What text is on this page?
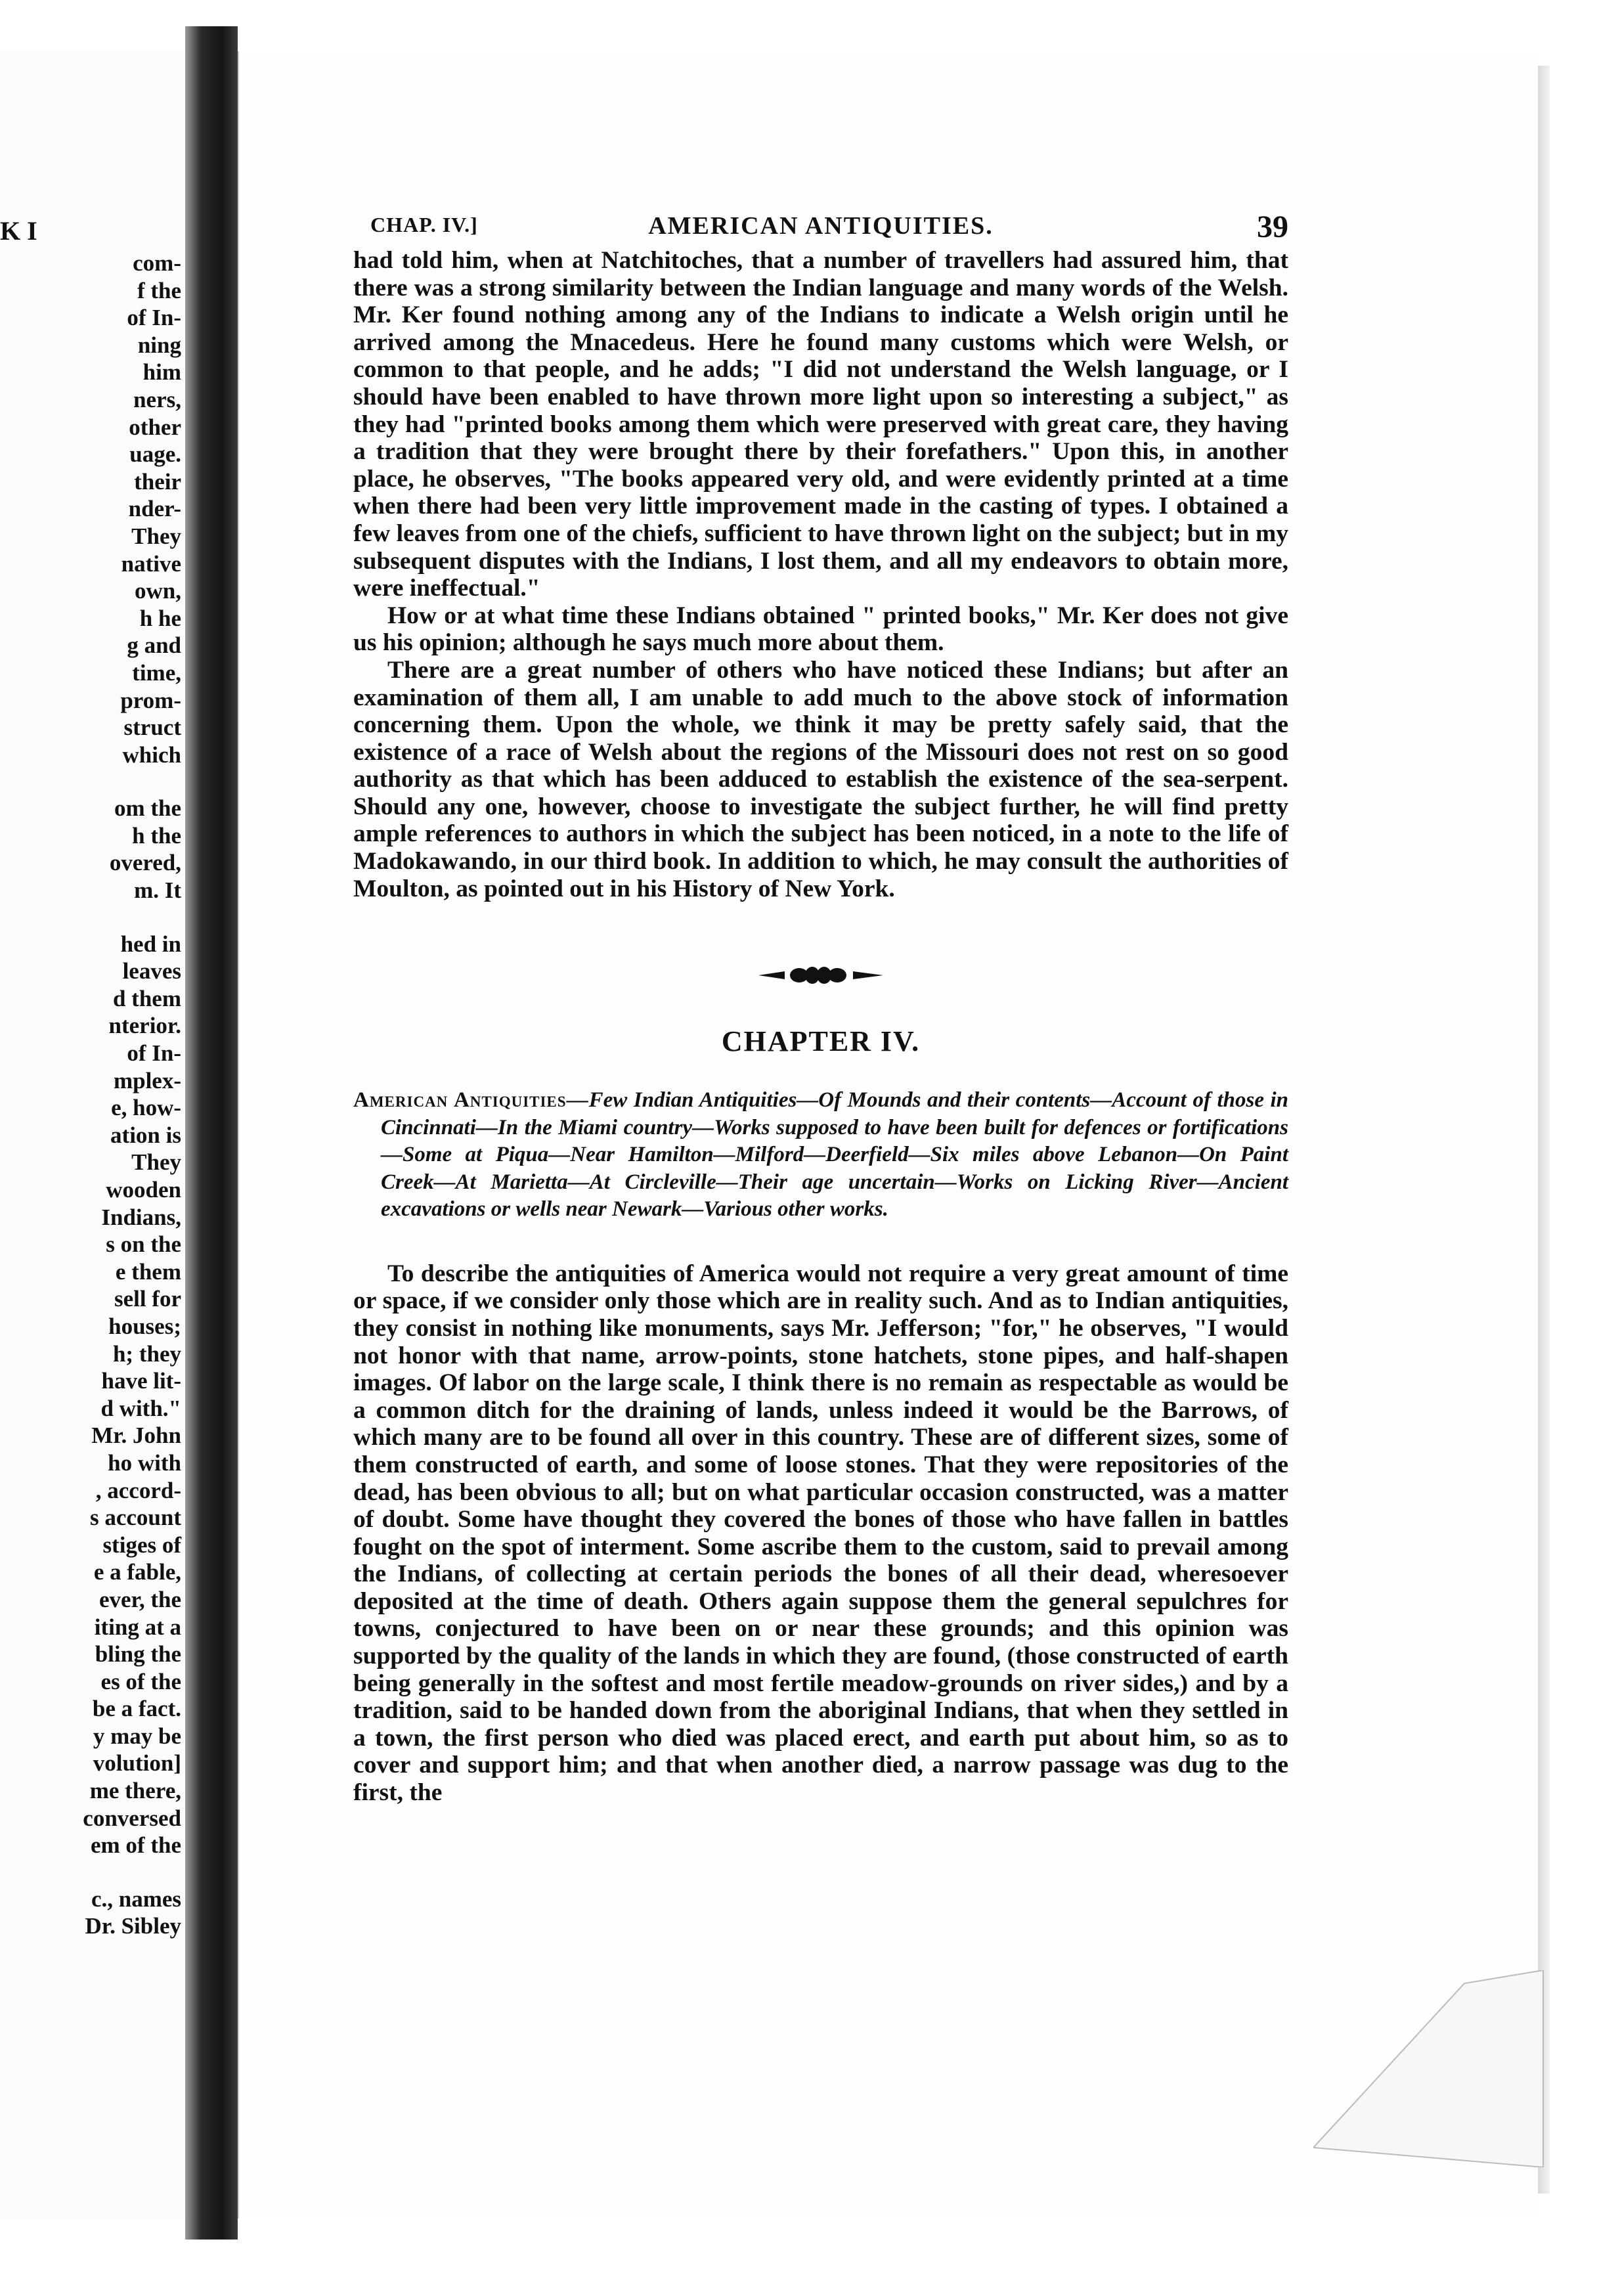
K I
com-
f the
of In-
ning
him
ners,
other
uage.
their
nder-
They
native
own,
h he
g and
time,
prom-
struct
which
om the
h the
overed,
m. It
hed in
leaves
d them
nterior.
of In-
mplex-
e, how-
ation is
They
wooden
Indians,
s on the
e them
sell for
houses;
h; they
have lit-
d with."
Mr. John
ho with
, accord-
s account
stiges of
e a fable,
ever, the
iting at a
bling the
es of the
be a fact.
y may be
volution]
me there,
conversed
em of the
c., names
Dr. Sibley
CHAP. IV.]	AMERICAN ANTIQUITIES.	39

had told him, when at Natchitoches, that a number of travellers had assured him, that there was a strong similarity between the Indian language and many words of the Welsh. Mr. Ker found nothing among any of the Indians to indicate a Welsh origin until he arrived among the Mnacedeus. Here he found many customs which were Welsh, or common to that people, and he adds; "I did not understand the Welsh language, or I should have been enabled to have thrown more light upon so interesting a subject," as they had "printed books among them which were preserved with great care, they having a tradition that they were brought there by their forefathers." Upon this, in another place, he observes, "The books appeared very old, and were evidently printed at a time when there had been very little improvement made in the casting of types. I obtained a few leaves from one of the chiefs, sufficient to have thrown light on the subject; but in my subsequent disputes with the Indians, I lost them, and all my endeavors to obtain more, were ineffectual."

How or at what time these Indians obtained " printed books," Mr. Ker does not give us his opinion; although he says much more about them.

There are a great number of others who have noticed these Indians; but after an examination of them all, I am unable to add much to the above stock of information concerning them. Upon the whole, we think it may be pretty safely said, that the existence of a race of Welsh about the regions of the Missouri does not rest on so good authority as that which has been adduced to establish the existence of the sea-serpent. Should any one, however, choose to investigate the subject further, he will find pretty ample references to authors in which the subject has been noticed, in a note to the life of Madokawando, in our third book. In addition to which, he may consult the authorities of Moulton, as pointed out in his History of New York.

CHAPTER IV.
American Antiquities—Few Indian Antiquities—Of Mounds and their contents—Account of those in Cincinnati—In the Miami country—Works supposed to have been built for defences or fortifications—Some at Piqua—Near Hamilton—Milford—Deerfield—Six miles above Lebanon—On Paint Creek—At Marietta—At Circleville—Their age uncertain—Works on Licking River—Ancient excavations or wells near Newark—Various other works.

To describe the antiquities of America would not require a very great amount of time or space, if we consider only those which are in reality such. And as to Indian antiquities, they consist in nothing like monuments, says Mr. Jefferson; "for," he observes, "I would not honor with that name, arrow-points, stone hatchets, stone pipes, and half-shapen images. Of labor on the large scale, I think there is no remain as respectable as would be a common ditch for the draining of lands, unless indeed it would be the Barrows, of which many are to be found all over in this country. These are of different sizes, some of them constructed of earth, and some of loose stones. That they were repositories of the dead, has been obvious to all; but on what particular occasion constructed, was a matter of doubt. Some have thought they covered the bones of those who have fallen in battles fought on the spot of interment. Some ascribe them to the custom, said to prevail among the Indians, of collecting at certain periods the bones of all their dead, wheresoever deposited at the time of death. Others again suppose them the general sepulchres for towns, conjectured to have been on or near these grounds; and this opinion was supported by the quality of the lands in which they are found, (those constructed of earth being generally in the softest and most fertile meadow-grounds on river sides,) and by a tradition, said to be handed down from the aboriginal Indians, that when they settled in a town, the first person who died was placed erect, and earth put about him, so as to cover and support him; and that when another died, a narrow passage was dug to the first, the
